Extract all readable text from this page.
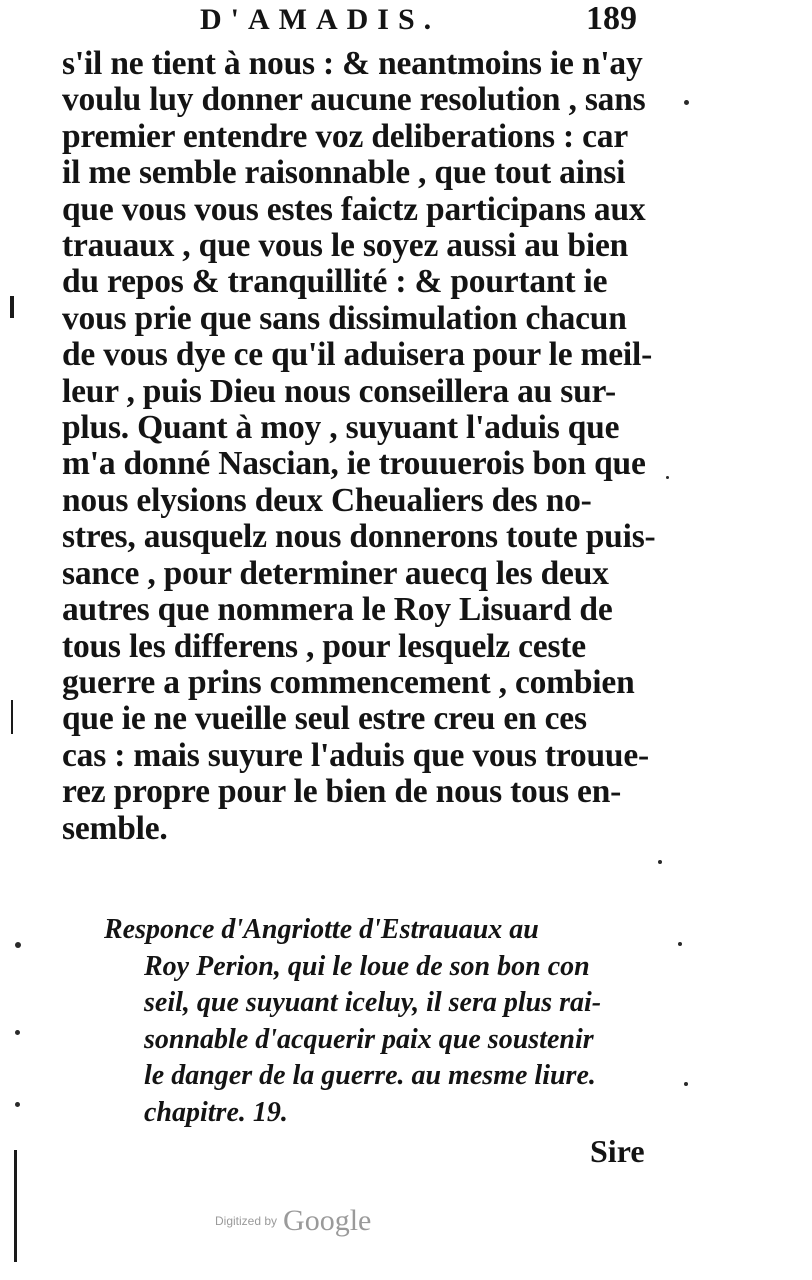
D'AMADIS.	189
s'il ne tient à nous : & neantmoins ie n'ay
voulu luy donner aucune resolution , sans
premier entendre voz deliberations : car
il me semble raisonnable , que tout ainsi
que vous vous estes faictz participans aux
trauaux , que vous le soyez aussi au bien
du repos & tranquillité : & pourtant ie
vous prie que sans dissimulation chacun
de vous dye ce qu'il aduisera pour le meil-
leur , puis Dieu nous conseillera au sur-
plus. Quant à moy , suyuant l'aduis que
m'a donné Nascian, ie trouuerois bon que
nous elysions deux Cheualiers des no-
stres, ausquelz nous donnerons toute puis-
sance , pour determiner auecq les deux
autres que nommera le Roy Lisuard de
tous les differens , pour lesquelz ceste
guerre a prins commencement , combien
que ie ne vueille seul estre creu en ces
cas : mais suyure l'aduis que vous trouue-
rez propre pour le bien de nous tous en-
semble.
Responce d'Angriotte d'Estrauaux au
Roy Perion, qui le loue de son bon con
seil, que suyuant iceluy, il sera plus rai-
sonnable d'acquerir paix que soustenir
le danger de la guerre. au mesme liure.
chapitre. 19.
Sire
Digitized by Google
